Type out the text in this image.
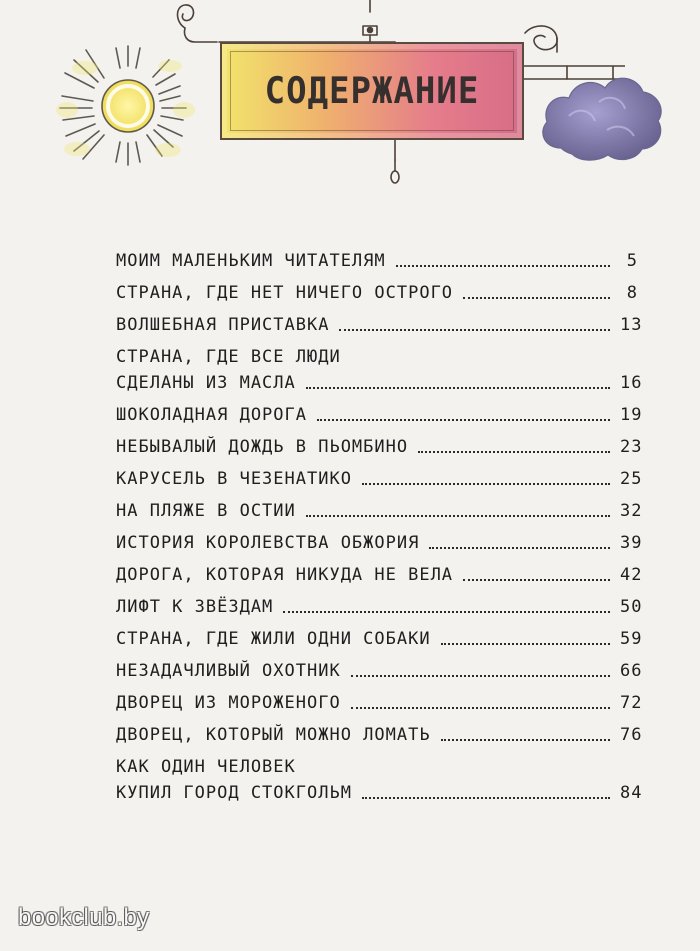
СОДЕРЖАНИЕ
МОИМ МАЛЕНЬКИМ ЧИТАТЕЛЯМ	5
СТРАНА, ГДЕ НЕТ НИЧЕГО ОСТРОГО	8
ВОЛШЕБНАЯ ПРИСТАВКА	13
СТРАНА, ГДЕ ВСЕ ЛЮДИ
СДЕЛАНЫ ИЗ МАСЛА	16
ШОКОЛАДНАЯ ДОРОГА	19
НЕБЫВАЛЫЙ ДОЖДЬ В ПЬОМБИНО	23
КАРУСЕЛЬ В ЧЕЗЕНАТИКО	25
НА ПЛЯЖЕ В ОСТИИ	32
ИСТОРИЯ КОРОЛЕВСТВА ОБЖОРИЯ	39
ДОРОГА, КОТОРАЯ НИКУДА НЕ ВЕЛА	42
ЛИФТ К ЗВЁЗДАМ	50
СТРАНА, ГДЕ ЖИЛИ ОДНИ СОБАКИ	59
НЕЗАДАЧЛИВЫЙ ОХОТНИК	66
ДВОРЕЦ ИЗ МОРОЖЕНОГО	72
ДВОРЕЦ, КОТОРЫЙ МОЖНО ЛОМАТЬ	76
КАК ОДИН ЧЕЛОВЕК
КУПИЛ ГОРОД СТОКГОЛЬМ	84
bookclub.by
